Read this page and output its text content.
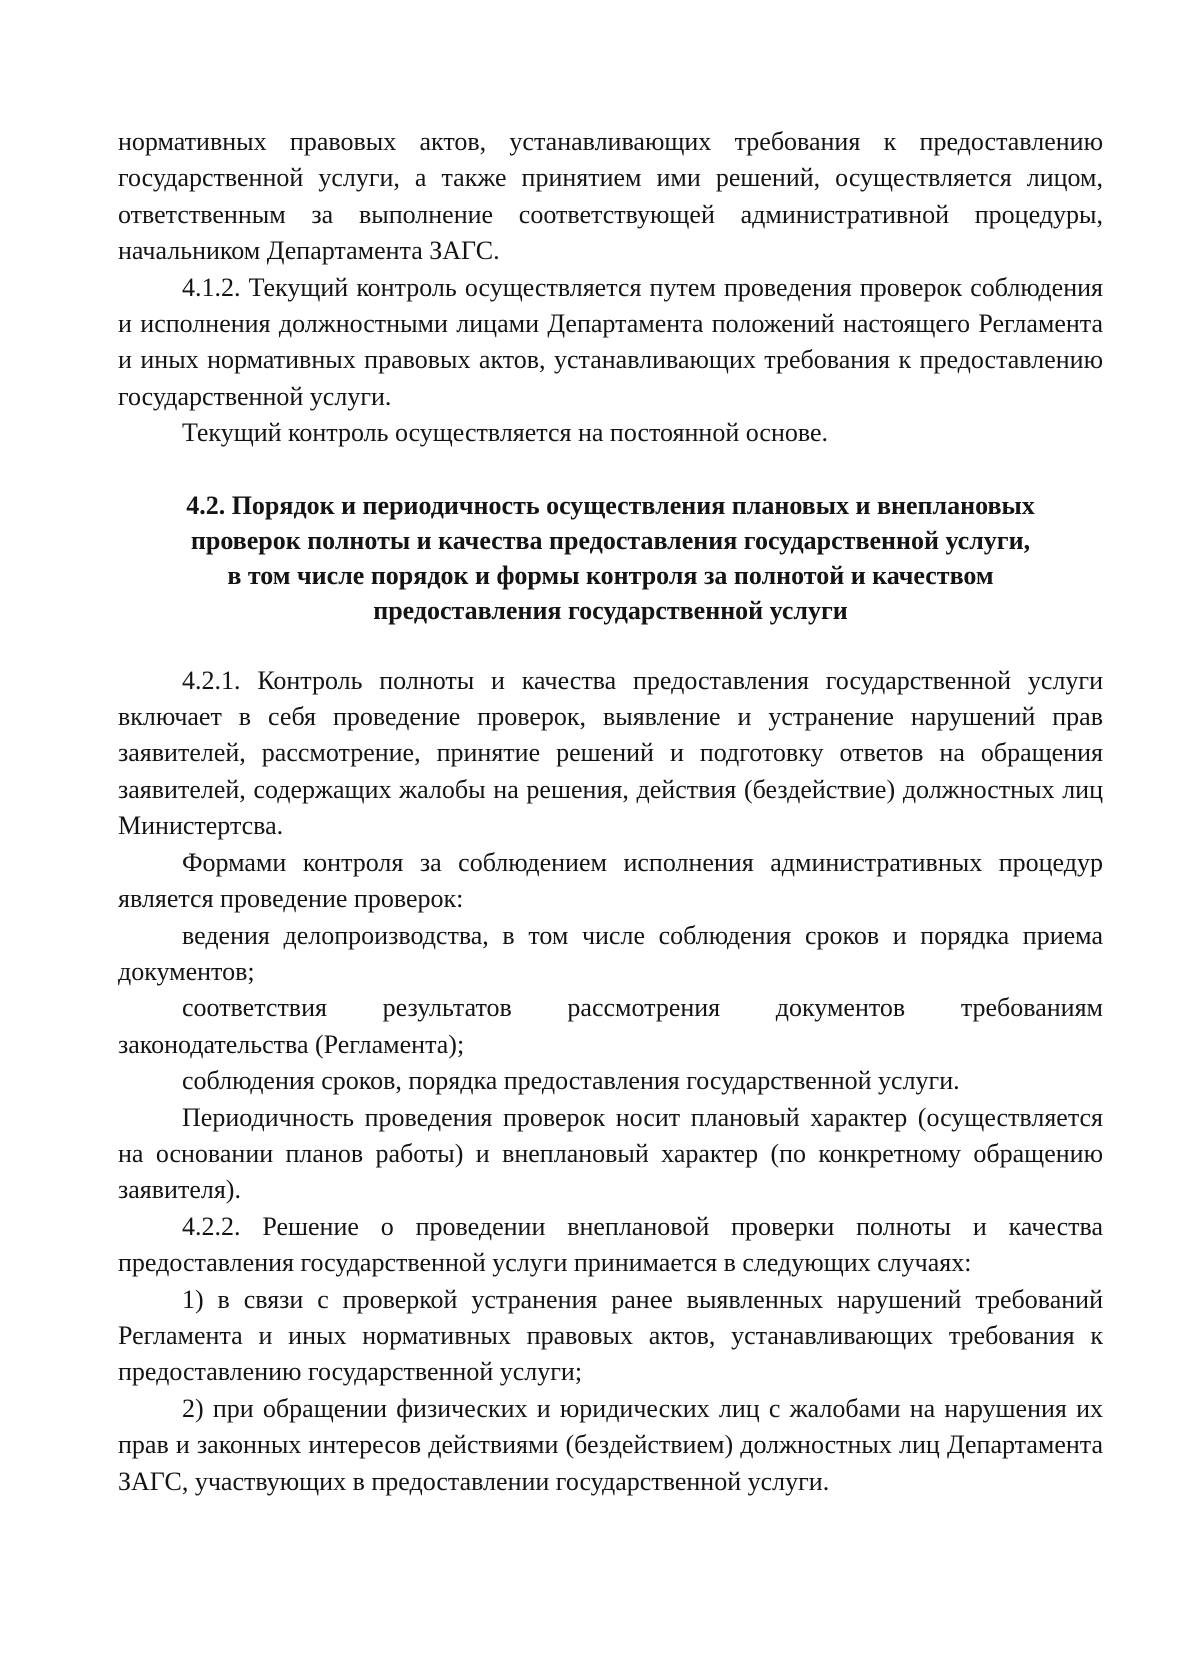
нормативных правовых актов, устанавливающих требования к предоставлению государственной услуги, а также принятием ими решений, осуществляется лицом, ответственным за выполнение соответствующей административной процедуры, начальником Департамента ЗАГС.

4.1.2. Текущий контроль осуществляется путем проведения проверок соблюдения и исполнения должностными лицами Департамента положений настоящего Регламента и иных нормативных правовых актов, устанавливающих требования к предоставлению государственной услуги.

Текущий контроль осуществляется на постоянной основе.

4.2. Порядок и периодичность осуществления плановых и внеплановых
проверок полноты и качества предоставления государственной услуги,
в том числе порядок и формы контроля за полнотой и качеством
предоставления государственной услуги

4.2.1. Контроль полноты и качества предоставления государственной услуги включает в себя проведение проверок, выявление и устранение нарушений прав заявителей, рассмотрение, принятие решений и подготовку ответов на обращения заявителей, содержащих жалобы на решения, действия (бездействие) должностных лиц Министертсва.

Формами контроля за соблюдением исполнения административных процедур является проведение проверок:

ведения делопроизводства, в том числе соблюдения сроков и порядка приема документов;

соответствия результатов рассмотрения документов требованиям законодательства (Регламента);

соблюдения сроков, порядка предоставления государственной услуги.

Периодичность проведения проверок носит плановый характер (осуществляется на основании планов работы) и внеплановый характер (по конкретному обращению заявителя).

4.2.2. Решение о проведении внеплановой проверки полноты и качества предоставления государственной услуги принимается в следующих случаях:

1) в связи с проверкой устранения ранее выявленных нарушений требований Регламента и иных нормативных правовых актов, устанавливающих требования к предоставлению государственной услуги;

2) при обращении физических и юридических лиц с жалобами на нарушения их прав и законных интересов действиями (бездействием) должностных лиц Департамента ЗАГС, участвующих в предоставлении государственной услуги.
